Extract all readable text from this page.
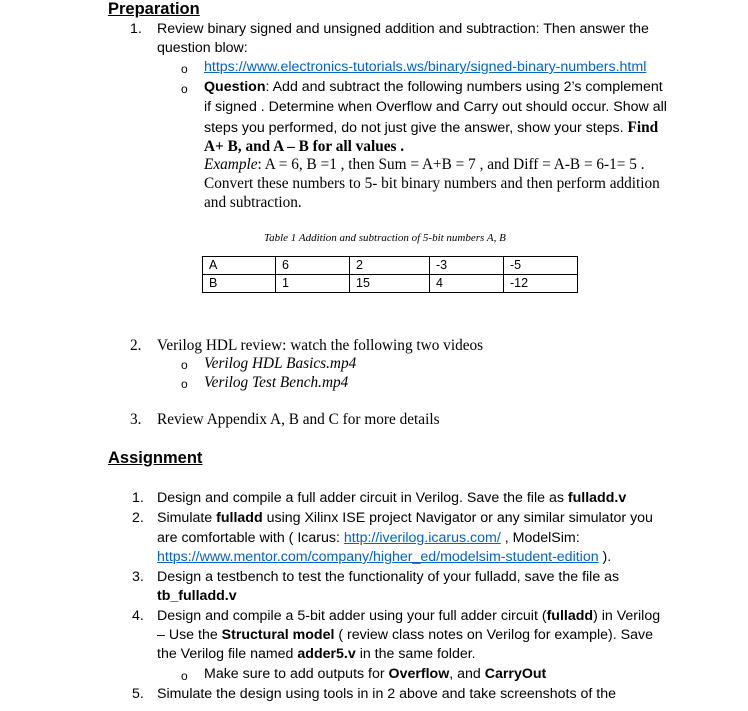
Preparation
1. Review binary signed and unsigned addition and subtraction: Then answer the
question blow:
o https://www.electronics-tutorials.ws/binary/signed-binary-numbers.html
o Question: Add and subtract the following numbers using 2’s complement
if signed . Determine when Overflow and Carry out should occur. Show all
steps you performed, do not just give the answer, show your steps. Find
A+ B, and A – B for all values .
Example: A = 6, B =1 , then Sum = A+B = 7 , and Diff = A-B = 6-1= 5 .
Convert these numbers to 5- bit binary numbers and then perform addition
and subtraction.
Table 1 Addition and subtraction of 5-bit numbers A, B
A	6	2	-3	-5
B	1	15	4	-12
2. Verilog HDL review: watch the following two videos
o Verilog HDL Basics.mp4
o Verilog Test Bench.mp4
3. Review Appendix A, B and C for more details
Assignment
1. Design and compile a full adder circuit in Verilog. Save the file as fulladd.v
2. Simulate fulladd using Xilinx ISE project Navigator or any similar simulator you
are comfortable with ( Icarus: http://iverilog.icarus.com/ , ModelSim:
https://www.mentor.com/company/higher_ed/modelsim-student-edition ).
3. Design a testbench to test the functionality of your fulladd, save the file as
tb_fulladd.v
4. Design and compile a 5-bit adder using your full adder circuit (fulladd) in Verilog
– Use the Structural model ( review class notes on Verilog for example). Save
the Verilog file named adder5.v in the same folder.
o Make sure to add outputs for Overflow, and CarryOut
5. Simulate the design using tools in in 2 above and take screenshots of the
